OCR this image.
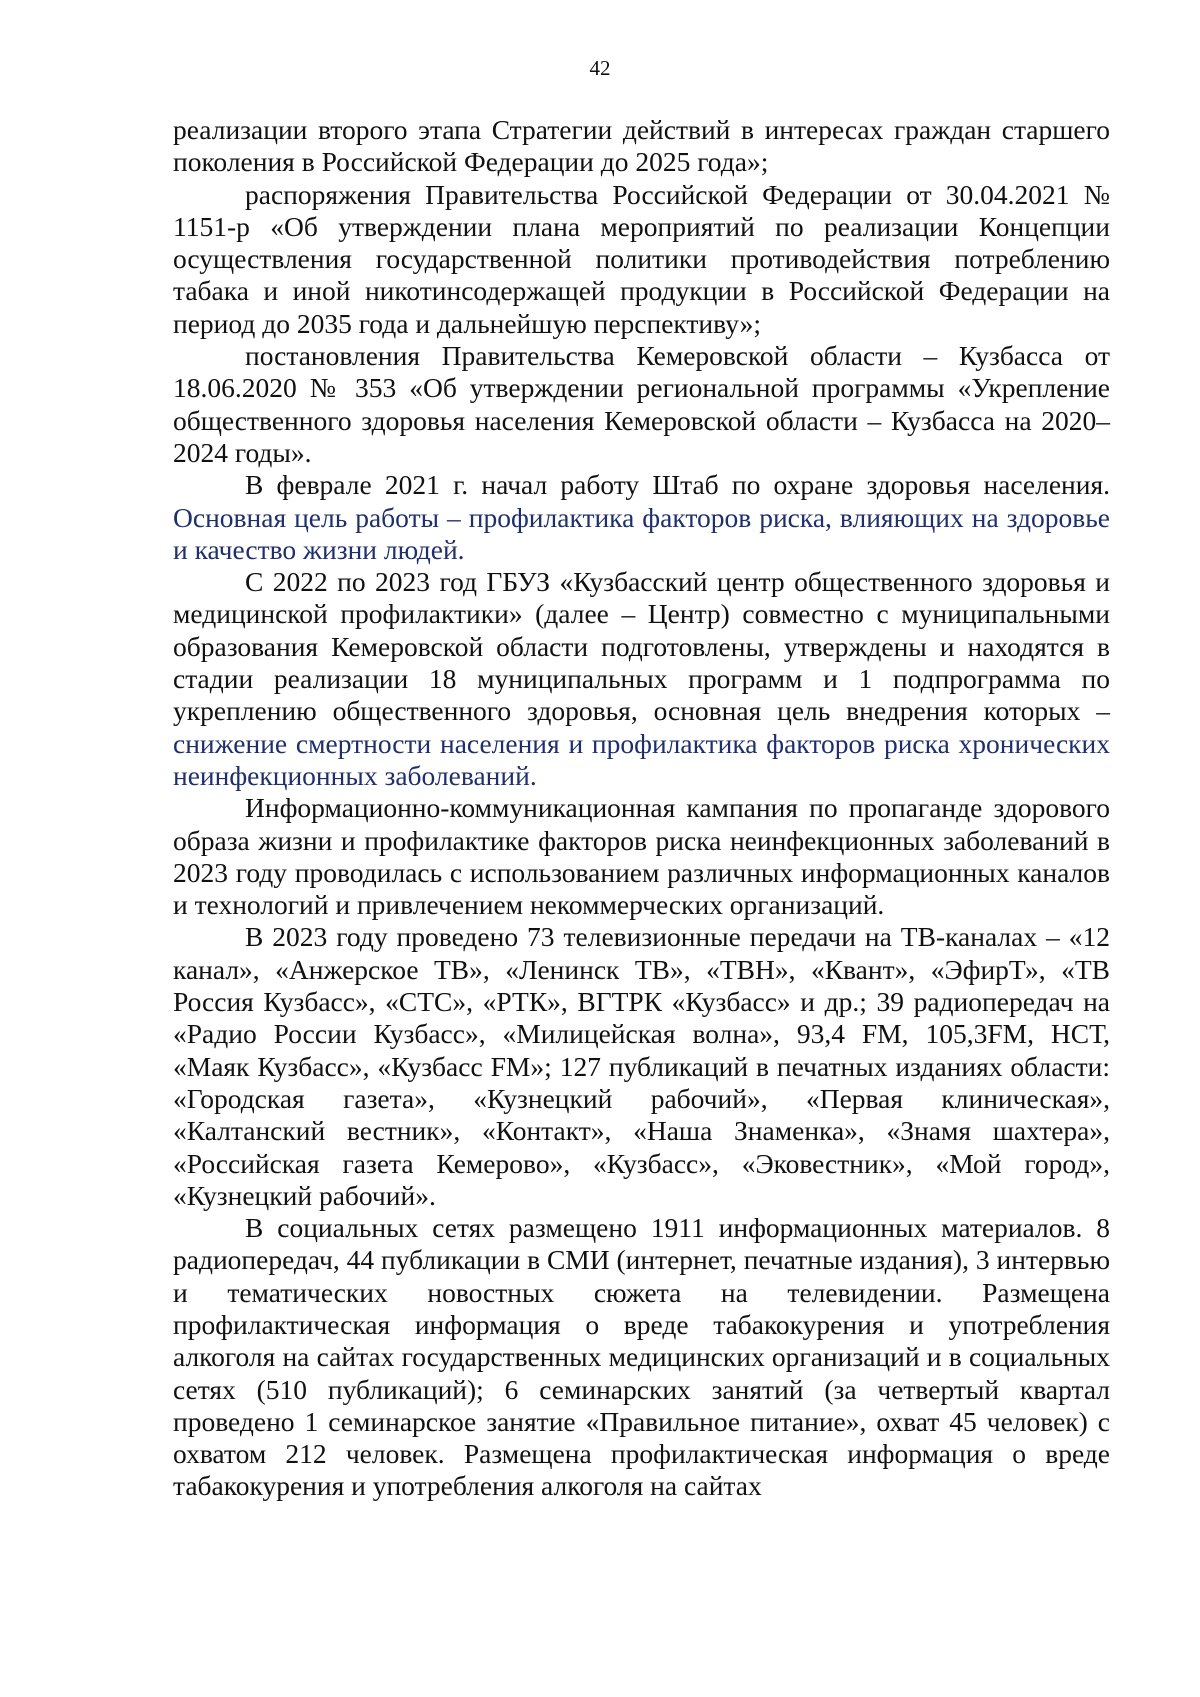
42

реализации второго этапа Стратегии действий в интересах граждан старшего поколения в Российской Федерации до 2025 года»;

распоряжения Правительства Российской Федерации от 30.04.2021 № 1151-р «Об утверждении плана мероприятий по реализации Концепции осуществления государственной политики противодействия потреблению табака и иной никотинсодержащей продукции в Российской Федерации на период до 2035 года и дальнейшую перспективу»;

постановления Правительства Кемеровской области – Кузбасса от 18.06.2020 № 353 «Об утверждении региональной программы «Укрепление общественного здоровья населения Кемеровской области – Кузбасса на 2020–2024 годы».

В феврале 2021 г. начал работу Штаб по охране здоровья населения. Основная цель работы – профилактика факторов риска, влияющих на здоровье и качество жизни людей.

С 2022 по 2023 год ГБУЗ «Кузбасский центр общественного здоровья и медицинской профилактики» (далее – Центр) совместно с муниципальными образования Кемеровской области подготовлены, утверждены и находятся в стадии реализации 18 муниципальных программ и 1 подпрограмма по укреплению общественного здоровья, основная цель внедрения которых – снижение смертности населения и профилактика факторов риска хронических неинфекционных заболеваний.

Информационно-коммуникационная кампания по пропаганде здорового образа жизни и профилактике факторов риска неинфекционных заболеваний в 2023 году проводилась с использованием различных информационных каналов и технологий и привлечением некоммерческих организаций.

В 2023 году проведено 73 телевизионные передачи на ТВ-каналах – «12 канал», «Анжерское ТВ», «Ленинск ТВ», «ТВН», «Квант», «ЭфирТ», «ТВ Россия Кузбасс», «СТС», «РТК», ВГТРК «Кузбасс» и др.; 39 радиопередач на «Радио России Кузбасс», «Милицейская волна», 93,4 FM, 105,3FM, НСТ, «Маяк Кузбасс», «Кузбасс FM»; 127 публикаций в печатных изданиях области: «Городская газета», «Кузнецкий рабочий», «Первая клиническая», «Калтанский вестник», «Контакт», «Наша Знаменка», «Знамя шахтера», «Российская газета Кемерово», «Кузбасс», «Эковестник», «Мой город», «Кузнецкий рабочий».

В социальных сетях размещено 1911 информационных материалов. 8 радиопередач, 44 публикации в СМИ (интернет, печатные издания), 3 интервью и тематических новостных сюжета на телевидении. Размещена профилактическая информация о вреде табакокурения и употребления алкоголя на сайтах государственных медицинских организаций и в социальных сетях (510 публикаций); 6 семинарских занятий (за четвертый квартал проведено 1 семинарское занятие «Правильное питание», охват 45 человек) с охватом 212 человек. Размещена профилактическая информация о вреде табакокурения и употребления алкоголя на сайтах
